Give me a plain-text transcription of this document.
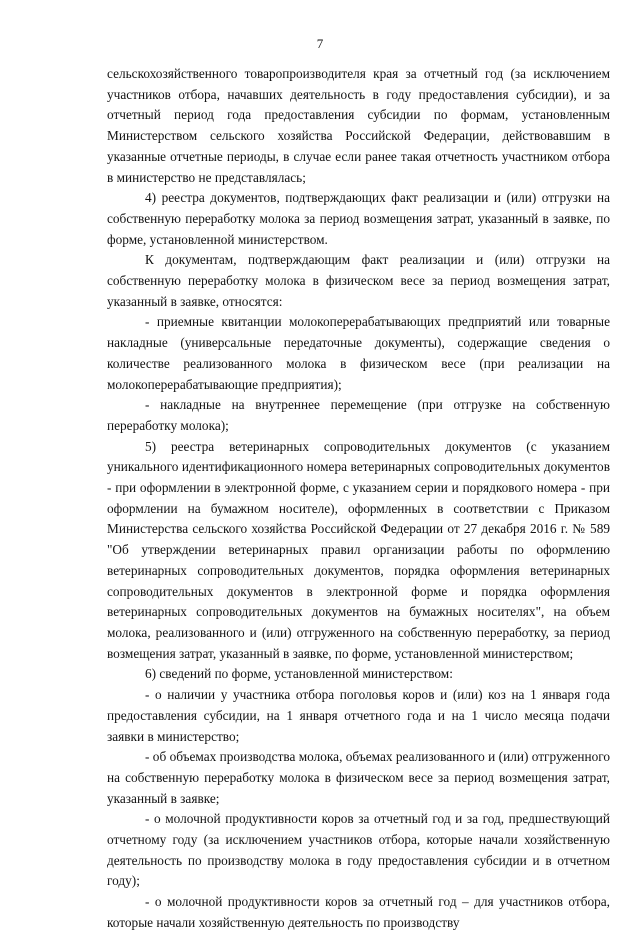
7

сельскохозяйственного товаропроизводителя края за отчетный год (за исключением участников отбора, начавших деятельность в году предоставления субсидии), и за отчетный период года предоставления субсидии по формам, установленным Министерством сельского хозяйства Российской Федерации, действовавшим в указанные отчетные периоды, в случае если ранее такая отчетность участником отбора в министерство не представлялась;

4) реестра документов, подтверждающих факт реализации и (или) отгрузки на собственную переработку молока за период возмещения затрат, указанный в заявке, по форме, установленной министерством.

К документам, подтверждающим факт реализации и (или) отгрузки на собственную переработку молока в физическом весе за период возмещения затрат, указанный в заявке, относятся:

- приемные квитанции молокоперерабатывающих предприятий или товарные накладные (универсальные передаточные документы), содержащие сведения о количестве реализованного молока в физическом весе (при реализации на молокоперерабатывающие предприятия);

- накладные на внутреннее перемещение (при отгрузке на собственную переработку молока);

5) реестра ветеринарных сопроводительных документов (с указанием уникального идентификационного номера ветеринарных сопроводительных документов - при оформлении в электронной форме, с указанием серии и порядкового номера - при оформлении на бумажном носителе), оформленных в соответствии с Приказом Министерства сельского хозяйства Российской Федерации от 27 декабря 2016 г. № 589 "Об утверждении ветеринарных правил организации работы по оформлению ветеринарных сопроводительных документов, порядка оформления ветеринарных сопроводительных документов в электронной форме и порядка оформления ветеринарных сопроводительных документов на бумажных носителях", на объем молока, реализованного и (или) отгруженного на собственную переработку, за период возмещения затрат, указанный в заявке, по форме, установленной министерством;

6) сведений по форме, установленной министерством:

- о наличии у участника отбора поголовья коров и (или) коз на 1 января года предоставления субсидии, на 1 января отчетного года и на 1 число месяца подачи заявки в министерство;

- об объемах производства молока, объемах реализованного и (или) отгруженного на собственную переработку молока в физическом весе за период возмещения затрат, указанный в заявке;

- о молочной продуктивности коров за отчетный год и за год, предшествующий отчетному году (за исключением участников отбора, которые начали хозяйственную деятельность по производству молока в году предоставления субсидии и в отчетном году);

- о молочной продуктивности коров за отчетный год – для участников отбора, которые начали хозяйственную деятельность по производству
